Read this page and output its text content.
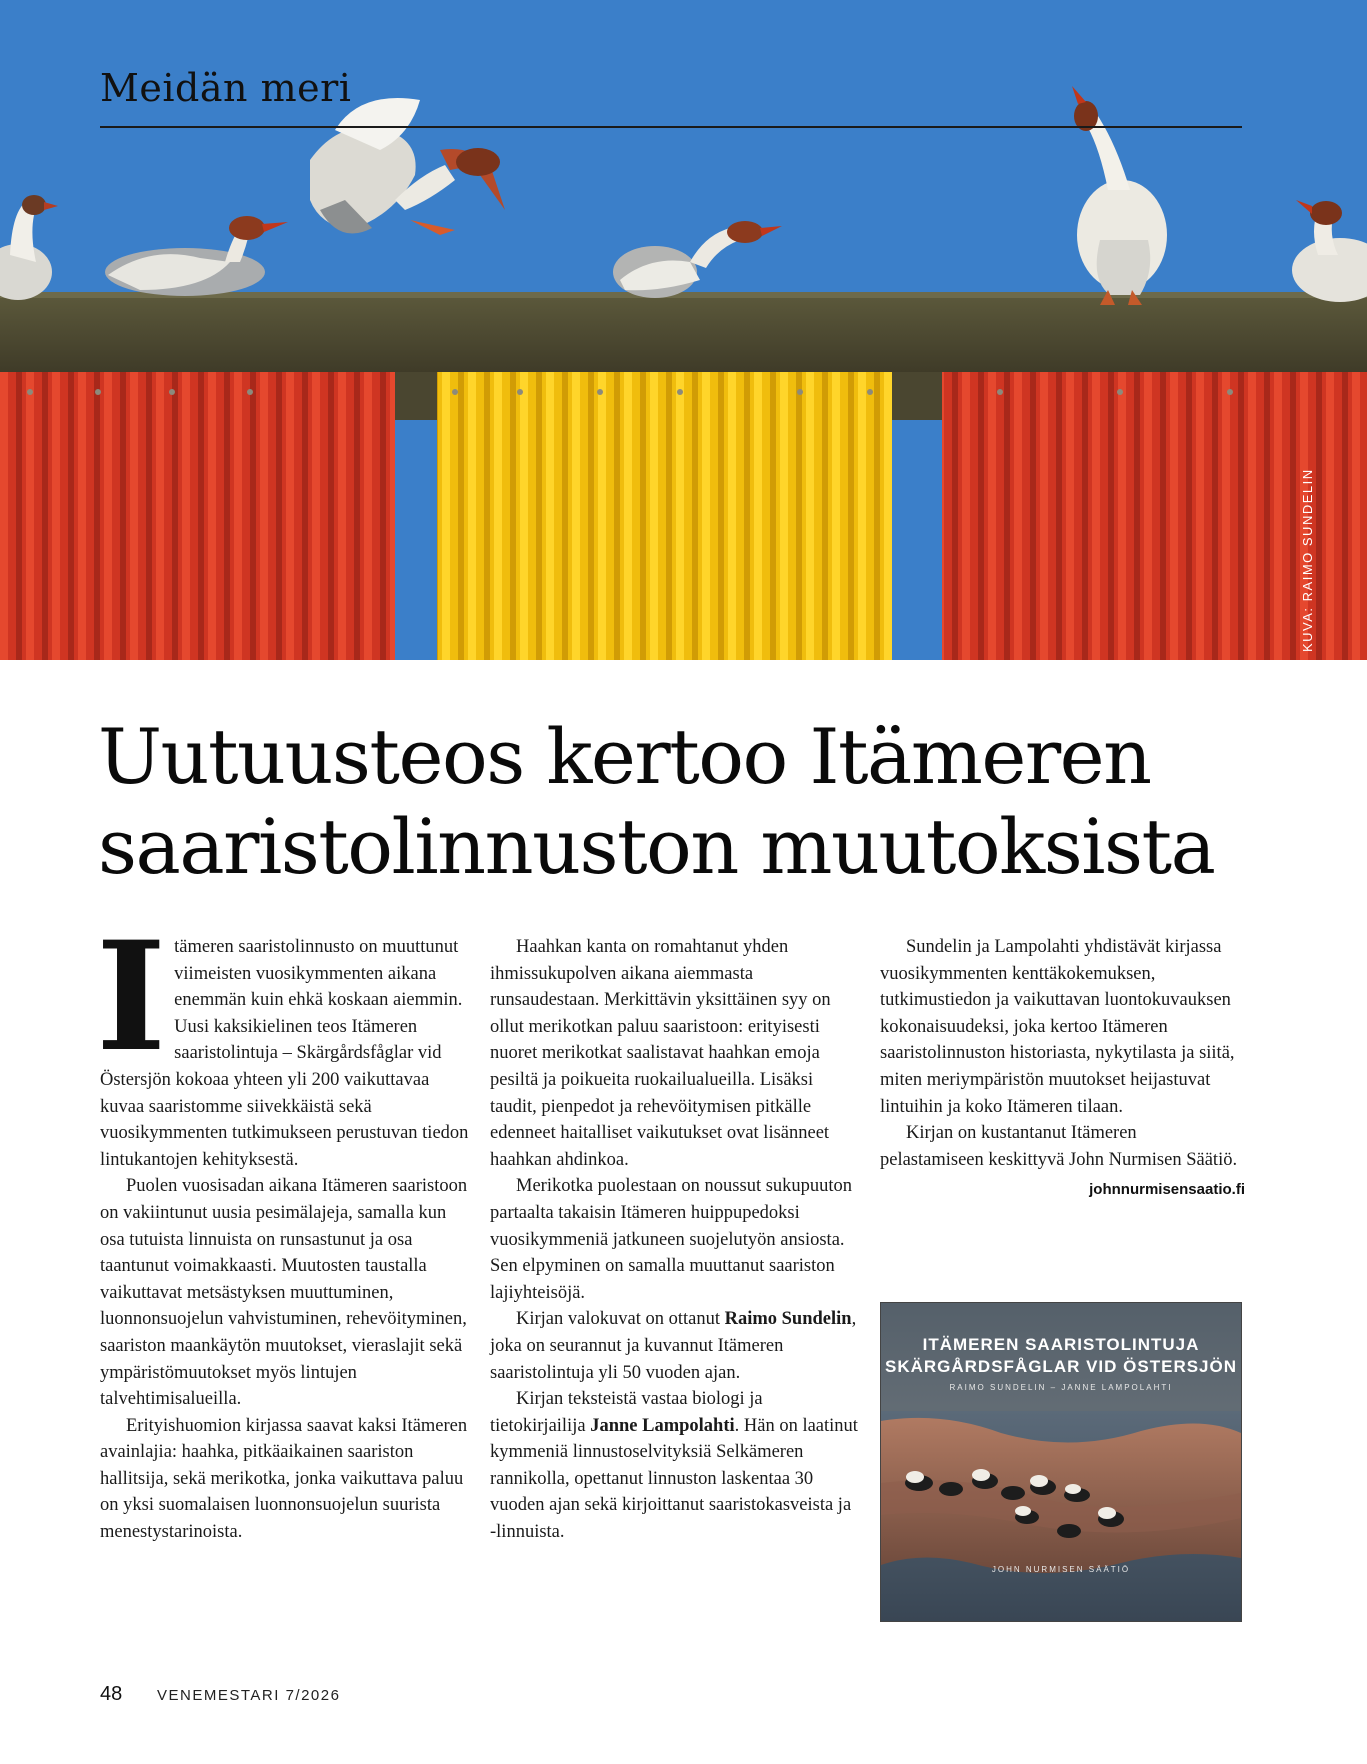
Meidän meri
KUVA: RAIMO SUNDELIN
Uutuusteos kertoo Itämeren
saaristolinnuston muutoksista

Itämeren saaristolinnusto on muuttunut viimeisten vuosikymmenten aikana enemmän kuin ehkä koskaan aiemmin. Uusi kaksikielinen teos Itämeren saaristolintuja – Skärgårdsfåglar vid Östersjön kokoaa yhteen yli 200 vaikuttavaa kuvaa saaristomme siivekkäistä sekä vuosikymmenten tutkimukseen perustuvan tiedon lintukantojen kehityksestä.

Puolen vuosisadan aikana Itämeren saaristoon on vakiintunut uusia pesimälajeja, samalla kun osa tutuista linnuista on runsastunut ja osa taantunut voimakkaasti. Muutosten taustalla vaikuttavat metsästyksen muuttuminen, luonnonsuojelun vahvistuminen, rehevöityminen, saariston maankäytön muutokset, vieraslajit sekä ympäristömuutokset myös lintujen talvehtimisalueilla.

Erityishuomion kirjassa saavat kaksi Itämeren avainlajia: haahka, pitkäaikainen saariston hallitsija, sekä merikotka, jonka vaikuttava paluu on yksi suomalaisen luonnonsuojelun suurista menestystarinoista.

Haahkan kanta on romahtanut yhden ihmissukupolven aikana aiemmasta runsaudestaan. Merkittävin yksittäinen syy on ollut merikotkan paluu saaristoon: erityisesti nuoret merikotkat saalistavat haahkan emoja pesiltä ja poikueita ruokailualueilla. Lisäksi taudit, pienpedot ja rehevöitymisen pitkälle edenneet haitalliset vaikutukset ovat lisänneet haahkan ahdinkoa.

Merikotka puolestaan on noussut sukupuuton partaalta takaisin Itämeren huippupedoksi vuosikymmeniä jatkuneen suojelutyön ansiosta. Sen elpyminen on samalla muuttanut saariston lajiyhteisöjä.

Kirjan valokuvat on ottanut Raimo Sundelin, joka on seurannut ja kuvannut Itämeren saaristolintuja yli 50 vuoden ajan.

Kirjan teksteistä vastaa biologi ja tietokirjailija Janne Lampolahti. Hän on laatinut kymmeniä linnustoselvityksiä Selkämeren rannikolla, opettanut linnuston laskentaa 30 vuoden ajan sekä kirjoittanut saaristokasveista ja -linnuista.

Sundelin ja Lampolahti yhdistävät kirjassa vuosikymmenten kenttäkokemuksen, tutkimustiedon ja vaikuttavan luontokuvauksen kokonaisuudeksi, joka kertoo Itämeren saaristolinnuston historiasta, nykytilasta ja siitä, miten meriympäristön muutokset heijastuvat lintuihin ja koko Itämeren tilaan.

Kirjan on kustantanut Itämeren pelastamiseen keskittyvä John Nurmisen Säätiö.
johnnurmisensaatio.fi

ITÄMEREN SAARISTOLINTUJA
SKÄRGÅRDSFÅGLAR VID ÖSTERSJÖN
RAIMO SUNDELIN – JANNE LAMPOLAHTI
JOHN NURMISEN SÄÄTIÖ
48 VENEMESTARI 7/2026
